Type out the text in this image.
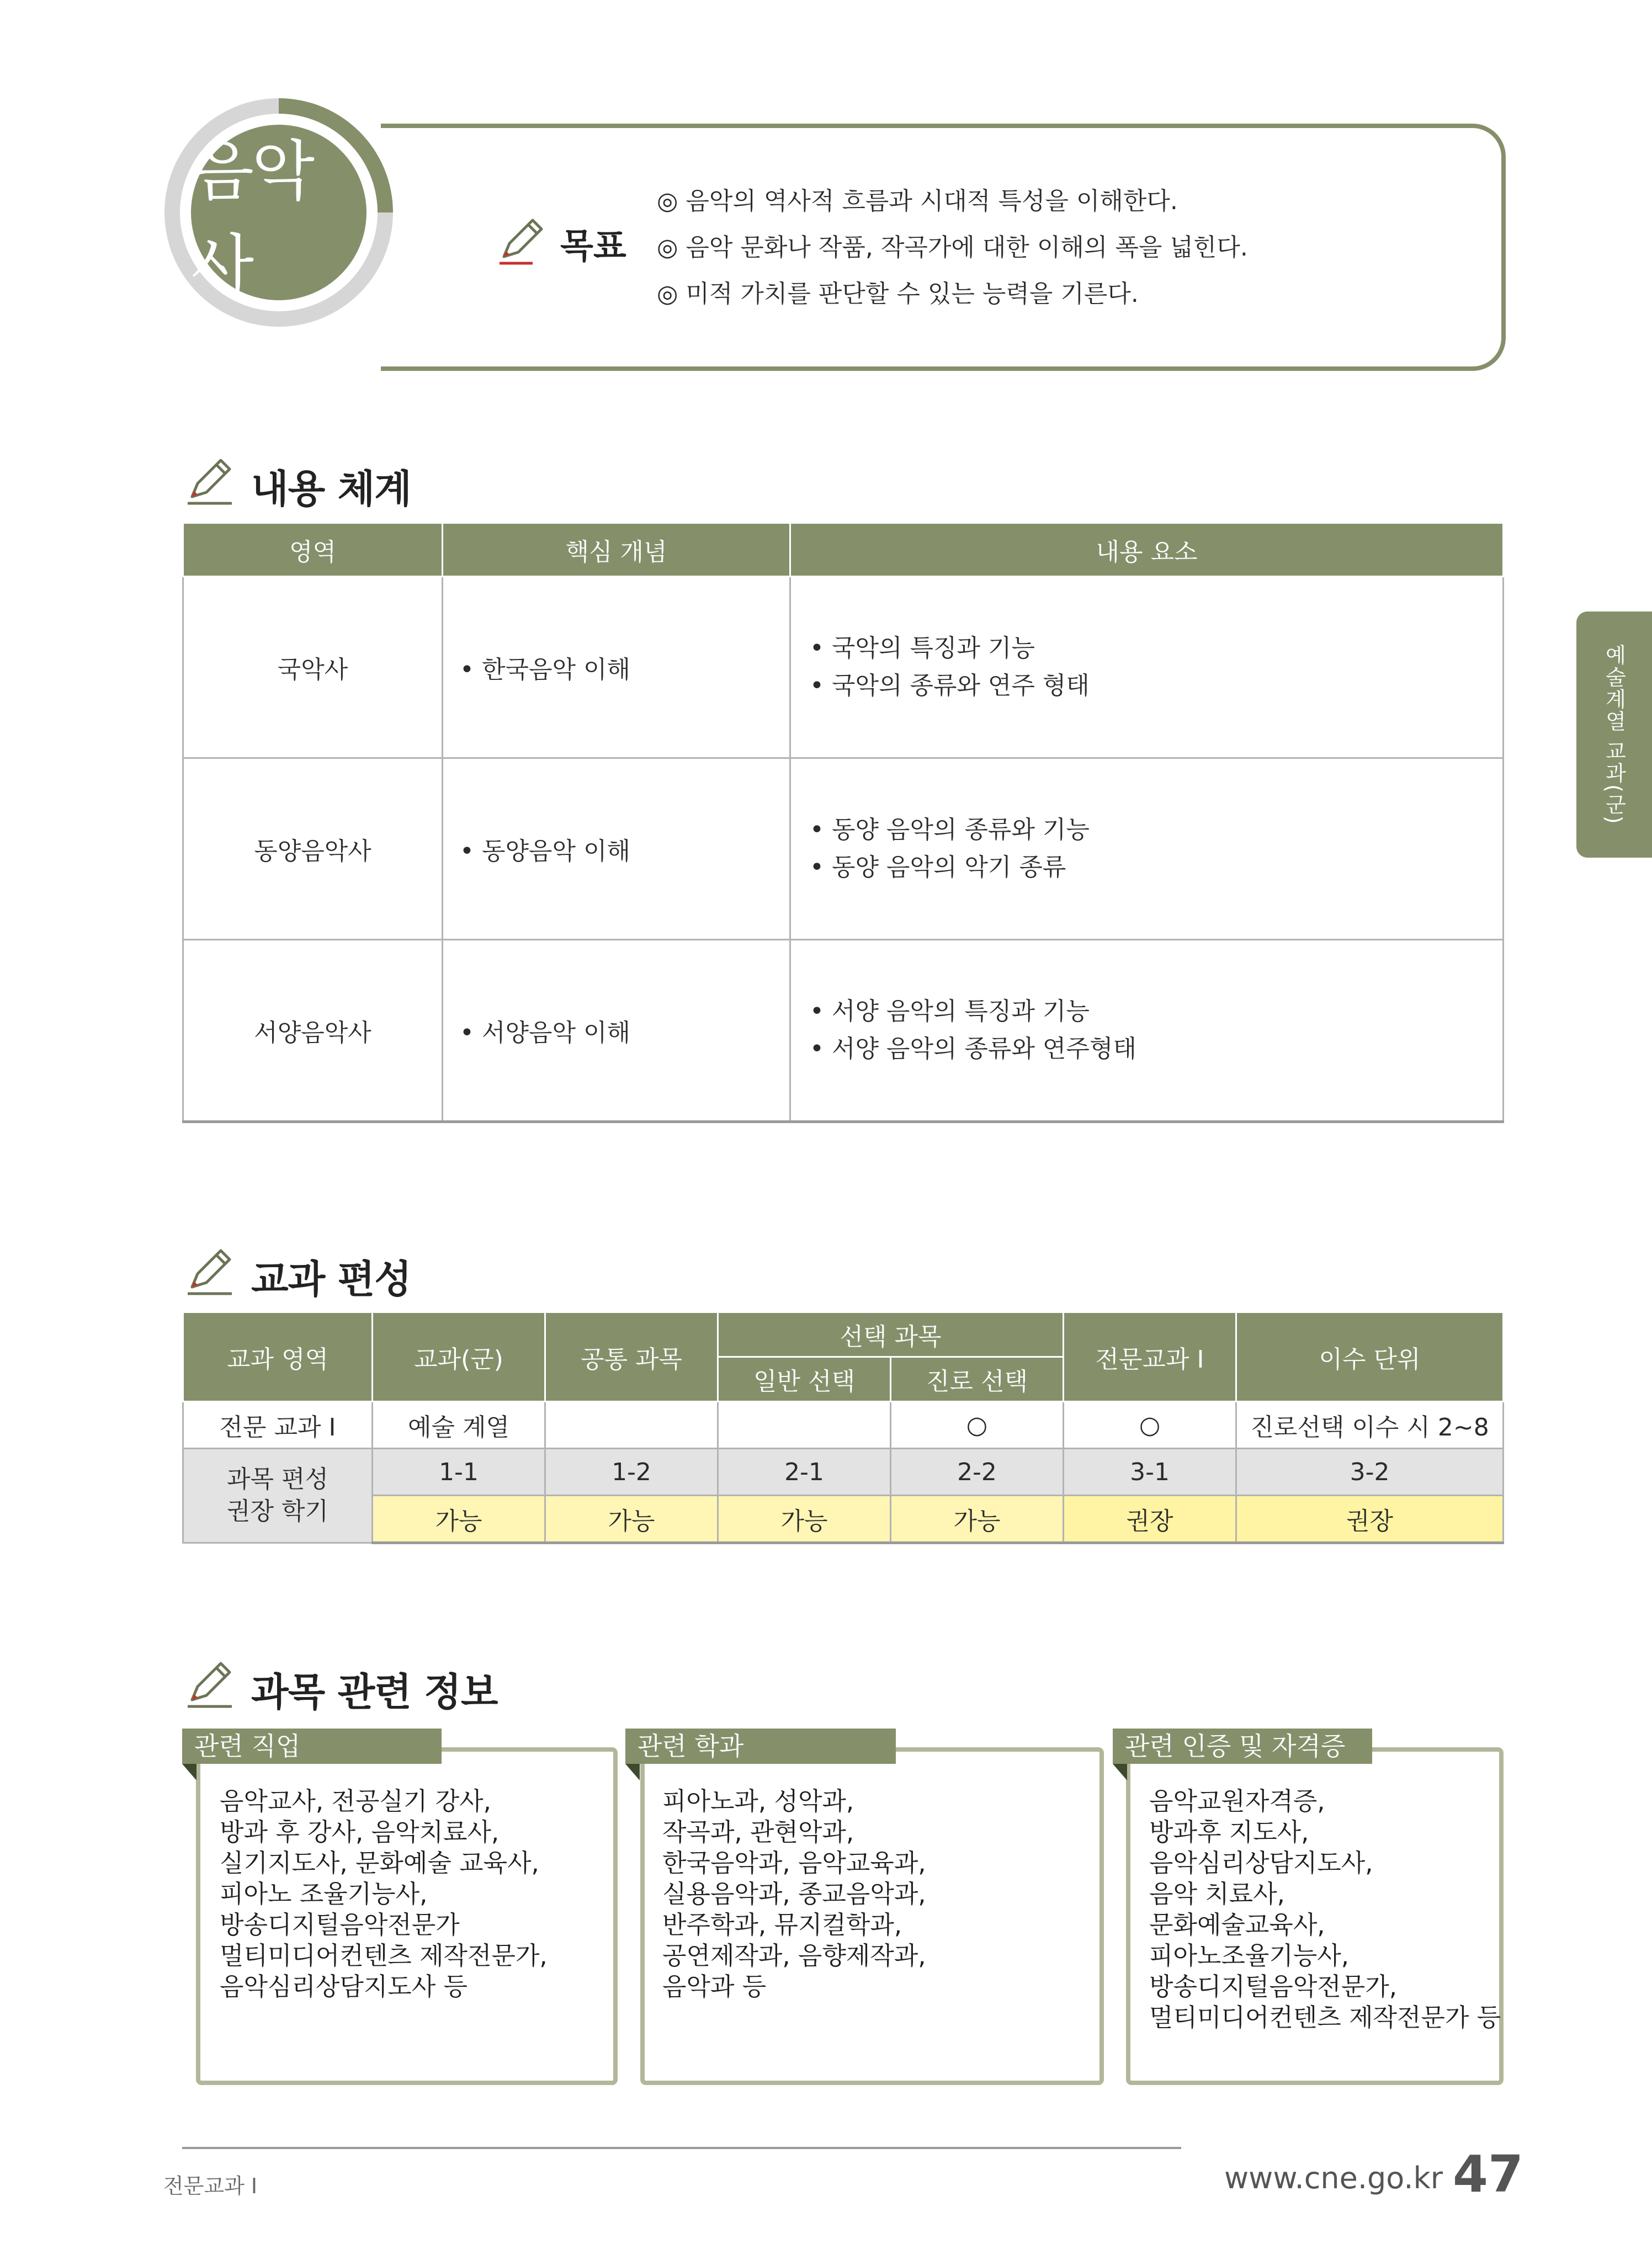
음악사	목표
◎ 음악의 역사적 흐름과 시대적 특성을 이해한다.
◎ 음악 문화나 작품, 작곡가에 대한 이해의 폭을 넓힌다.
◎ 미적 가치를 판단할 수 있는 능력을 기른다.
예술계열 교과(군)
내용 체계
영역	핵심 개념	내용 요소
국악사	• 한국음악 이해	• 국악의 특징과 기능
• 국악의 종류와 연주 형태

동양음악사	• 동양음악 이해	• 동양 음악의 종류와 기능
• 동양 음악의 악기 종류

서양음악사	• 서양음악 이해	• 서양 음악의 특징과 기능
• 서양 음악의 종류와 연주형태
교과 편성
교과 영역	교과(군)	공통 과목	선택 과목		전문교과 I	이수 단위
			일반 선택	진로 선택		
전문 교과 I	예술 계열			○	○	진로선택 이수 시 2~8

과목 편성
권장 학기	1-1	1-2	2-1	2-2	3-1	3-2
	가능	가능	가능	가능	권장	권장
과목 관련 정보
관련 직업
음악교사, 전공실기 강사,
방과 후 강사, 음악치료사,
실기지도사, 문화예술 교육사,
피아노 조율기능사,
방송디지털음악전문가
멀티미디어컨텐츠 제작전문가,
음악심리상담지도사 등
관련 학과
피아노과, 성악과,
작곡과, 관현악과,
한국음악과, 음악교육과,
실용음악과, 종교음악과,
반주학과, 뮤지컬학과,
공연제작과, 음향제작과,
음악과 등
관련 인증 및 자격증
음악교원자격증,
방과후 지도사,
음악심리상담지도사,
음악 치료사,
문화예술교육사,
피아노조율기능사,
방송디지털음악전문가,
멀티미디어컨텐츠 제작전문가 등
전문교과 Ⅰ	www.cne.go.kr 47
